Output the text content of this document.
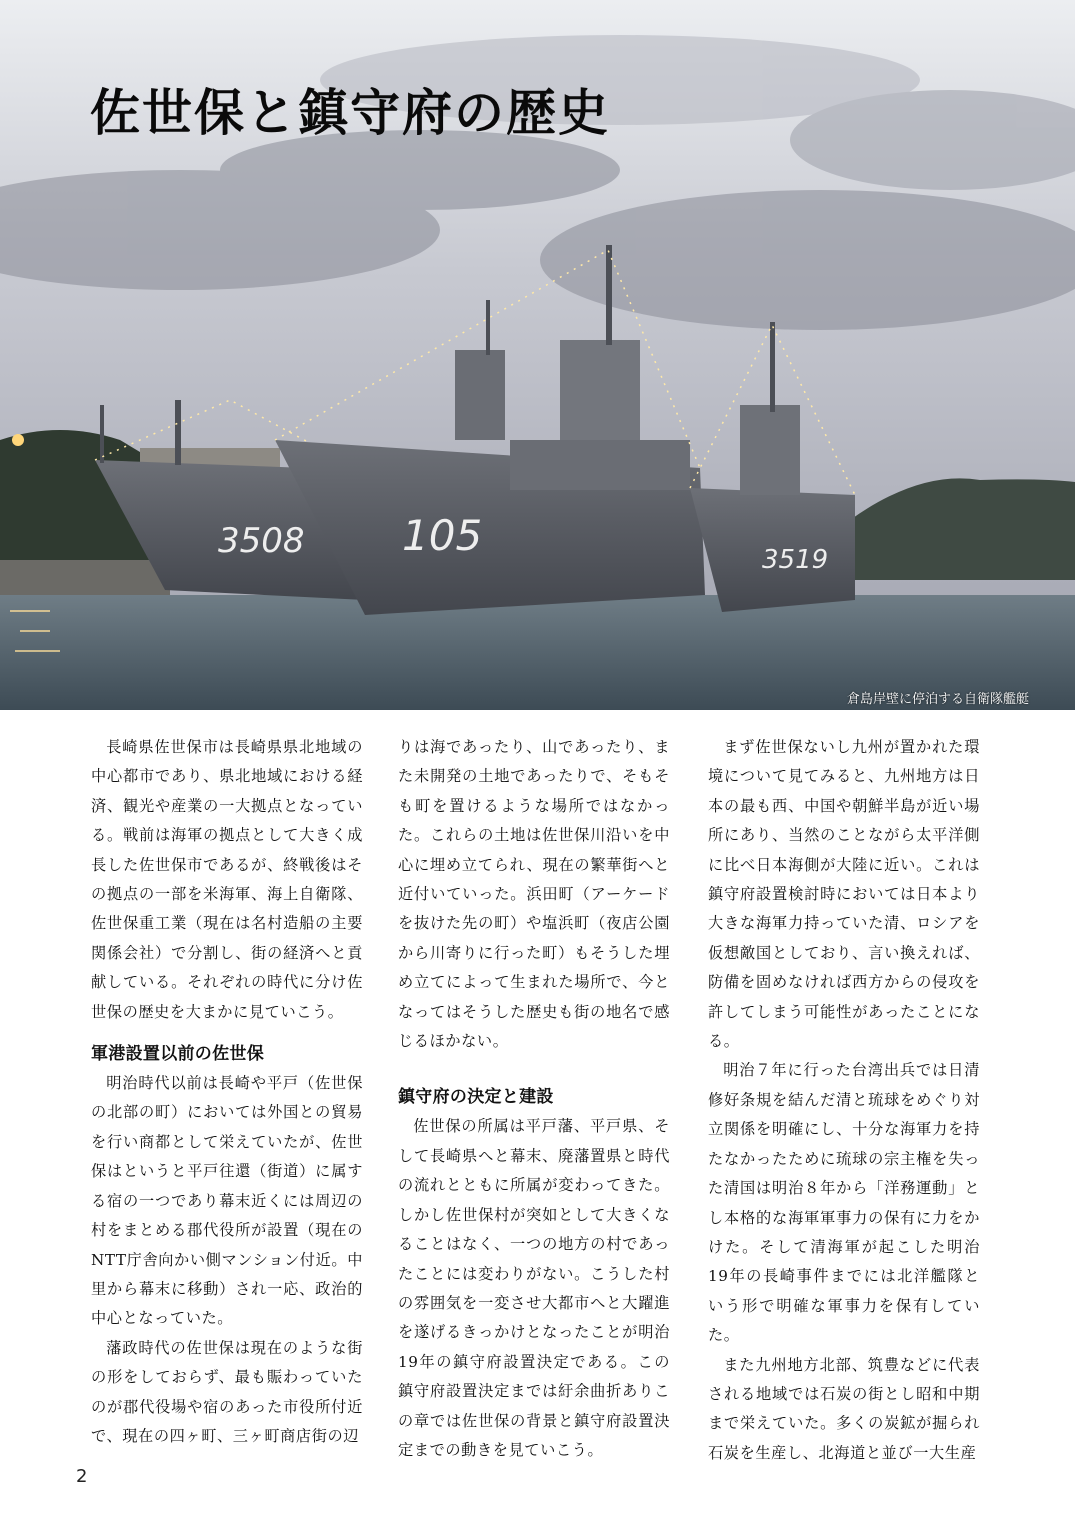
3508 105	3519
佐世保と鎮守府の歴史
倉島岸壁に停泊する自衛隊艦艇

長崎県佐世保市は長崎県県北地域の中心都市であり、県北地域における経済、観光や産業の一大拠点となっている。戦前は海軍の拠点として大きく成長した佐世保市であるが、終戦後はその拠点の一部を米海軍、海上自衛隊、佐世保重工業（現在は名村造船の主要関係会社）で分割し、街の経済へと貢献している。それぞれの時代に分け佐世保の歴史を大まかに見ていこう。

軍港設置以前の佐世保

明治時代以前は長崎や平戸（佐世保の北部の町）においては外国との貿易を行い商都として栄えていたが、佐世保はというと平戸往還（街道）に属する宿の一つであり幕末近くには周辺の村をまとめる郡代役所が設置（現在のNTT庁舎向かい側マンション付近。中里から幕末に移動）され一応、政治的中心となっていた。

藩政時代の佐世保は現在のような街の形をしておらず、最も賑わっていたのが郡代役場や宿のあった市役所付近で、現在の四ヶ町、三ヶ町商店街の辺

りは海であったり、山であったり、また未開発の土地であったりで、そもそも町を置けるような場所ではなかった。これらの土地は佐世保川沿いを中心に埋め立てられ、現在の繁華街へと近付いていった。浜田町（アーケードを抜けた先の町）や塩浜町（夜店公園から川寄りに行った町）もそうした埋め立てによって生まれた場所で、今となってはそうした歴史も街の地名で感じるほかない。

鎮守府の決定と建設

佐世保の所属は平戸藩、平戸県、そして長崎県へと幕末、廃藩置県と時代の流れとともに所属が変わってきた。しかし佐世保村が突如として大きくなることはなく、一つの地方の村であったことには変わりがない。こうした村の雰囲気を一変させ大都市へと大躍進を遂げるきっかけとなったことが明治19年の鎮守府設置決定である。この鎮守府設置決定までは紆余曲折ありこの章では佐世保の背景と鎮守府設置決定までの動きを見ていこう。

まず佐世保ないし九州が置かれた環境について見てみると、九州地方は日本の最も西、中国や朝鮮半島が近い場所にあり、当然のことながら太平洋側に比べ日本海側が大陸に近い。これは鎮守府設置検討時においては日本より大きな海軍力持っていた清、ロシアを仮想敵国としており、言い換えれば、防備を固めなければ西方からの侵攻を許してしまう可能性があったことになる。

明治７年に行った台湾出兵では日清修好条規を結んだ清と琉球をめぐり対立関係を明確にし、十分な海軍力を持たなかったために琉球の宗主権を失った清国は明治８年から「洋務運動」とし本格的な海軍軍事力の保有に力をかけた。そして清海軍が起こした明治19年の長崎事件までには北洋艦隊という形で明確な軍事力を保有していた。

また九州地方北部、筑豊などに代表される地域では石炭の街とし昭和中期まで栄えていた。多くの炭鉱が掘られ石炭を生産し、北海道と並び一大生産

2
